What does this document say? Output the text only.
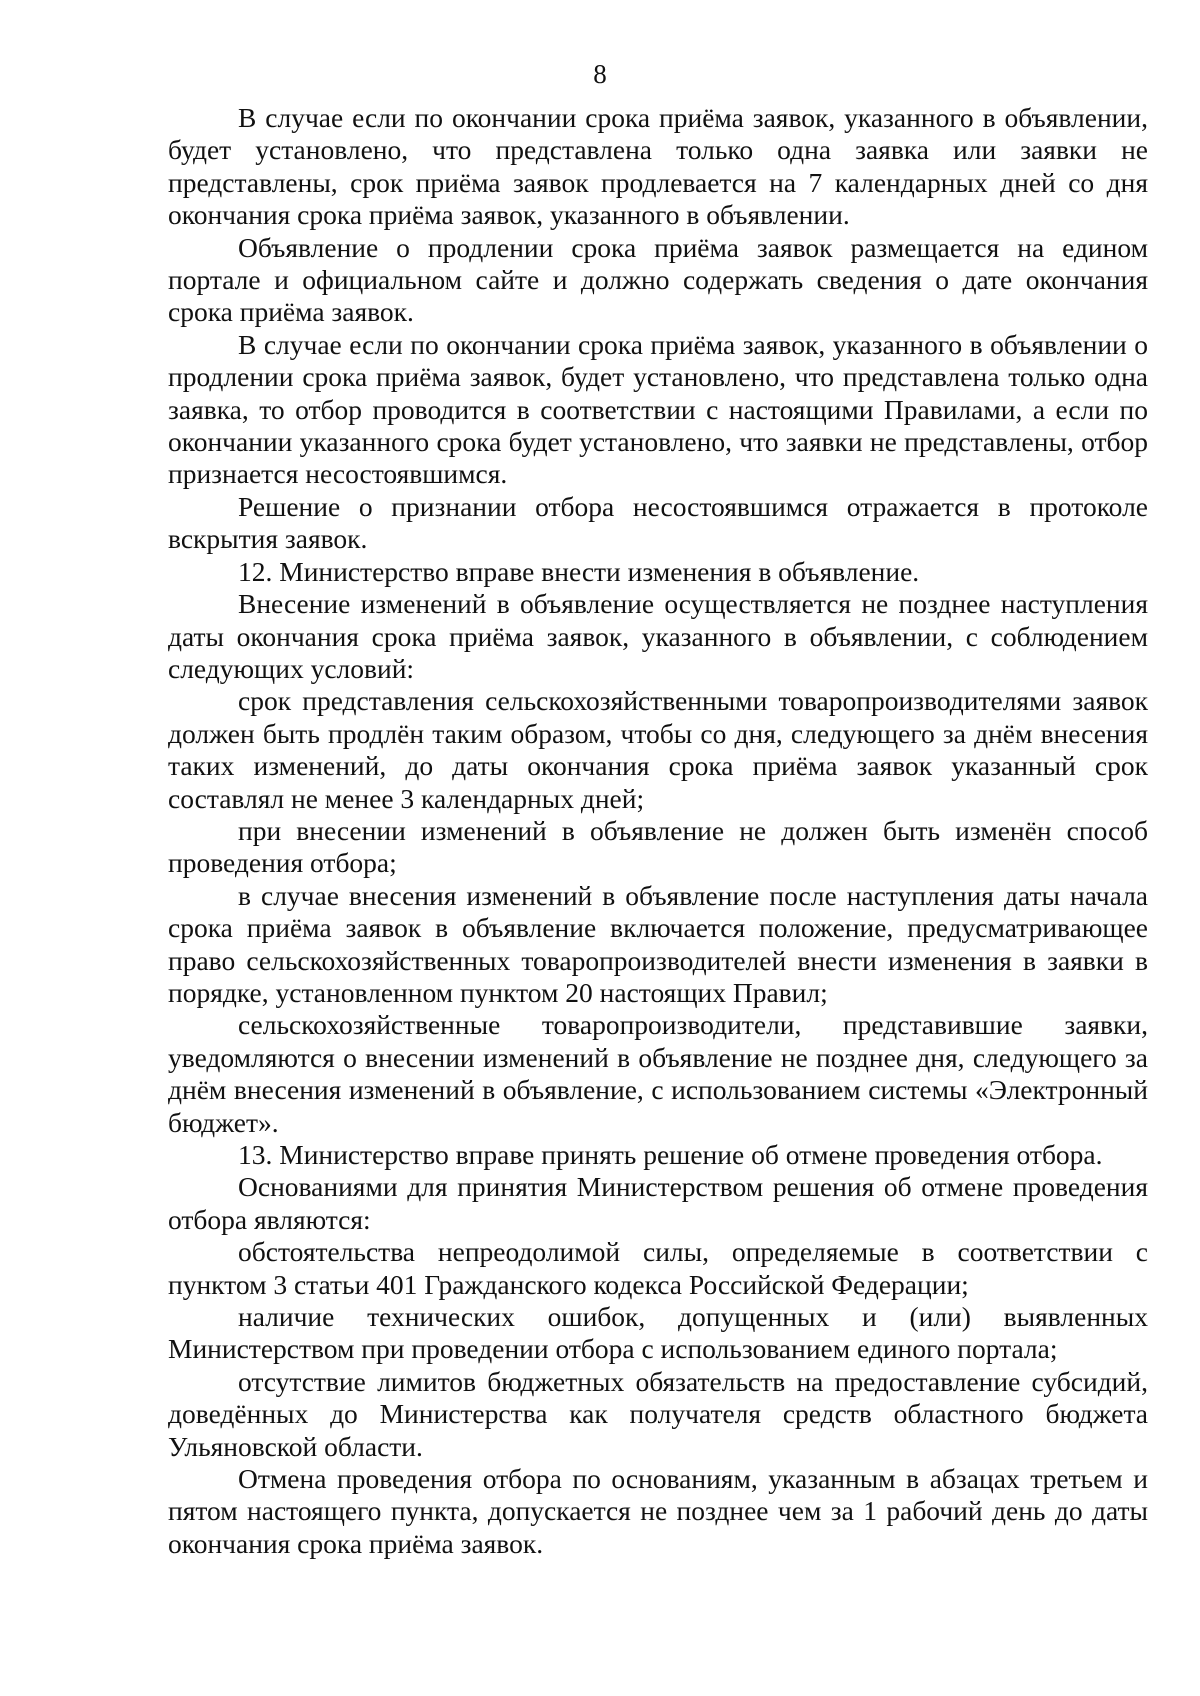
8

В случае если по окончании срока приёма заявок, указанного в объявлении, будет установлено, что представлена только одна заявка или заявки не представлены, срок приёма заявок продлевается на 7 календарных дней со дня окончания срока приёма заявок, указанного в объявлении.

Объявление о продлении срока приёма заявок размещается на едином портале и официальном сайте и должно содержать сведения о дате окончания срока приёма заявок.

В случае если по окончании срока приёма заявок, указанного в объявлении о продлении срока приёма заявок, будет установлено, что представлена только одна заявка, то отбор проводится в соответствии с настоящими Правилами, а если по окончании указанного срока будет установлено, что заявки не представлены, отбор признается несостоявшимся.

Решение о признании отбора несостоявшимся отражается в протоколе вскрытия заявок.

12. Министерство вправе внести изменения в объявление.

Внесение изменений в объявление осуществляется не позднее наступления даты окончания срока приёма заявок, указанного в объявлении, с соблюдением следующих условий:

срок представления сельскохозяйственными товаропроизводителями заявок должен быть продлён таким образом, чтобы со дня, следующего за днём внесения таких изменений, до даты окончания срока приёма заявок указанный срок составлял не менее 3 календарных дней;

при внесении изменений в объявление не должен быть изменён способ проведения отбора;

в случае внесения изменений в объявление после наступления даты начала срока приёма заявок в объявление включается положение, предусматривающее право сельскохозяйственных товаропроизводителей внести изменения в заявки в порядке, установленном пунктом 20 настоящих Правил;

сельскохозяйственные товаропроизводители, представившие заявки, уведомляются о внесении изменений в объявление не позднее дня, следующего за днём внесения изменений в объявление, с использованием системы «Электронный бюджет».

13. Министерство вправе принять решение об отмене проведения отбора.

Основаниями для принятия Министерством решения об отмене проведения отбора являются:

обстоятельства непреодолимой силы, определяемые в соответствии с пунктом 3 статьи 401 Гражданского кодекса Российской Федерации;

наличие технических ошибок, допущенных и (или) выявленных Министерством при проведении отбора с использованием единого портала;

отсутствие лимитов бюджетных обязательств на предоставление субсидий, доведённых до Министерства как получателя средств областного бюджета Ульяновской области.

Отмена проведения отбора по основаниям, указанным в абзацах третьем и пятом настоящего пункта, допускается не позднее чем за 1 рабочий день до даты окончания срока приёма заявок.
